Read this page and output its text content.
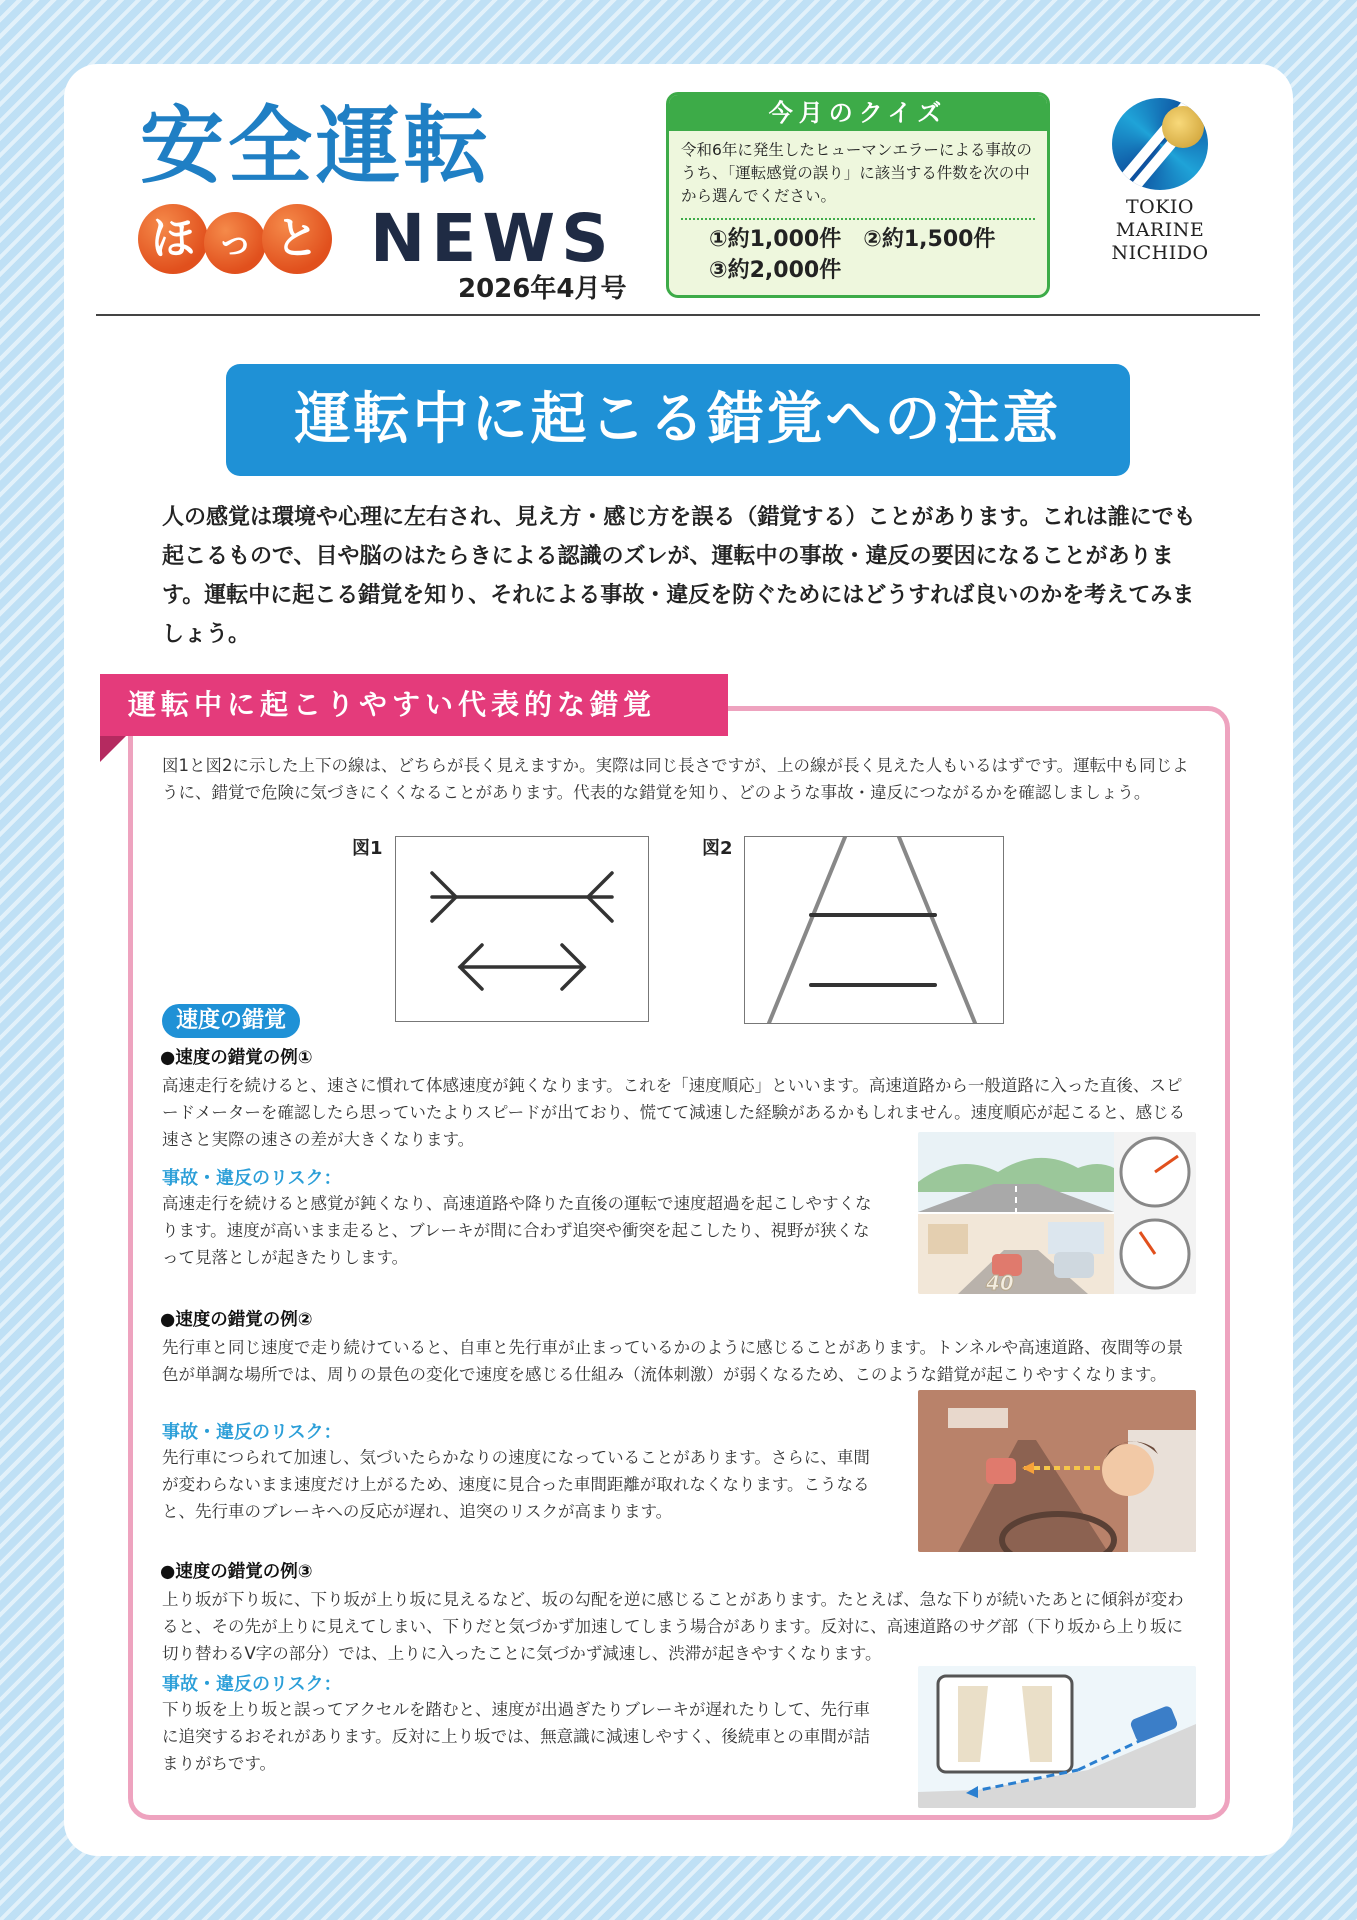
安全運転
ほ っ と NEWS
2026年4月号
今月のクイズ
令和6年に発生したヒューマンエラーによる事故のうち、「運転感覚の誤り」に該当する件数を次の中から選んでください。
①約1,000件　②約1,500件
③約2,000件
TOKIO MARINE
NICHIDO
運転中に起こる錯覚への注意
人の感覚は環境や心理に左右され、見え方・感じ方を誤る（錯覚する）ことがあります。これは誰にでも起こるもので、目や脳のはたらきによる認識のズレが、運転中の事故・違反の要因になることがあります。運転中に起こる錯覚を知り、それによる事故・違反を防ぐためにはどうすれば良いのかを考えてみましょう。
運転中に起こりやすい代表的な錯覚
図1と図2に示した上下の線は、どちらが長く見えますか。実際は同じ長さですが、上の線が長く見えた人もいるはずです。運転中も同じように、錯覚で危険に気づきにくくなることがあります。代表的な錯覚を知り、どのような事故・違反につながるかを確認しましょう。
図1	図2
速度の錯覚
●速度の錯覚の例①
高速走行を続けると、速さに慣れて体感速度が鈍くなります。これを「速度順応」といいます。高速道路から一般道路に入った直後、スピードメーターを確認したら思っていたよりスピードが出ており、慌てて減速した経験があるかもしれません。速度順応が起こると、感じる速さと実際の速さの差が大きくなります。
事故・違反のリスク：
高速走行を続けると感覚が鈍くなり、高速道路や降りた直後の運転で速度超過を起こしやすくなります。速度が高いまま走ると、ブレーキが間に合わず追突や衝突を起こしたり、視野が狭くなって見落としが起きたりします。
40
●速度の錯覚の例②
先行車と同じ速度で走り続けていると、自車と先行車が止まっているかのように感じることがあります。トンネルや高速道路、夜間等の景色が単調な場所では、周りの景色の変化で速度を感じる仕組み（流体刺激）が弱くなるため、このような錯覚が起こりやすくなります。
事故・違反のリスク：
先行車につられて加速し、気づいたらかなりの速度になっていることがあります。さらに、車間が変わらないまま速度だけ上がるため、速度に見合った車間距離が取れなくなります。こうなると、先行車のブレーキへの反応が遅れ、追突のリスクが高まります。
●速度の錯覚の例③
上り坂が下り坂に、下り坂が上り坂に見えるなど、坂の勾配を逆に感じることがあります。たとえば、急な下りが続いたあとに傾斜が変わると、その先が上りに見えてしまい、下りだと気づかず加速してしまう場合があります。反対に、高速道路のサグ部（下り坂から上り坂に切り替わるV字の部分）では、上りに入ったことに気づかず減速し、渋滞が起きやすくなります。
事故・違反のリスク：
下り坂を上り坂と誤ってアクセルを踏むと、速度が出過ぎたりブレーキが遅れたりして、先行車に追突するおそれがあります。反対に上り坂では、無意識に減速しやすく、後続車との車間が詰まりがちです。
